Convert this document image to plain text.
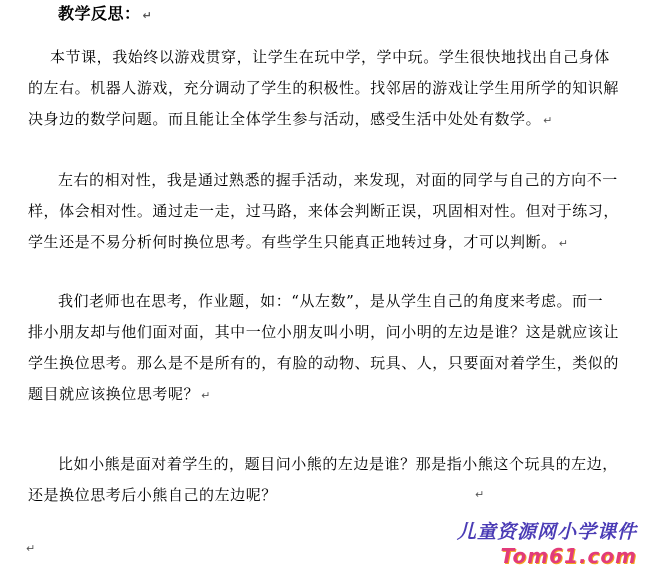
教学反思： ↵

本节课，我始终以游戏贯穿，让学生在玩中学，学中玩。学生很快地找出自己身体
的左右。机器人游戏，充分调动了学生的积极性。找邻居的游戏让学生用所学的知识解
决身边的数学问题。而且能让全体学生参与活动，感受生活中处处有数学。 ↵

左右的相对性，我是通过熟悉的握手活动，来发现，对面的同学与自己的方向不一
样，体会相对性。通过走一走，过马路，来体会判断正误，巩固相对性。但对于练习，
学生还是不易分析何时换位思考。有些学生只能真正地转过身，才可以判断。 ↵

我们老师也在思考，作业题，如：“从左数”，是从学生自己的角度来考虑。而一
排小朋友却与他们面对面，其中一位小朋友叫小明，问小明的左边是谁？这是就应该让
学生换位思考。那么是不是所有的，有脸的动物、玩具、人，只要面对着学生，类似的
题目就应该换位思考呢？ ↵

比如小熊是面对着学生的，题目问小熊的左边是谁？那是指小熊这个玩具的左边，
还是换位思考后小熊自己的左边呢？	↵
↵
儿童资源网小学课件
Tom61.com
